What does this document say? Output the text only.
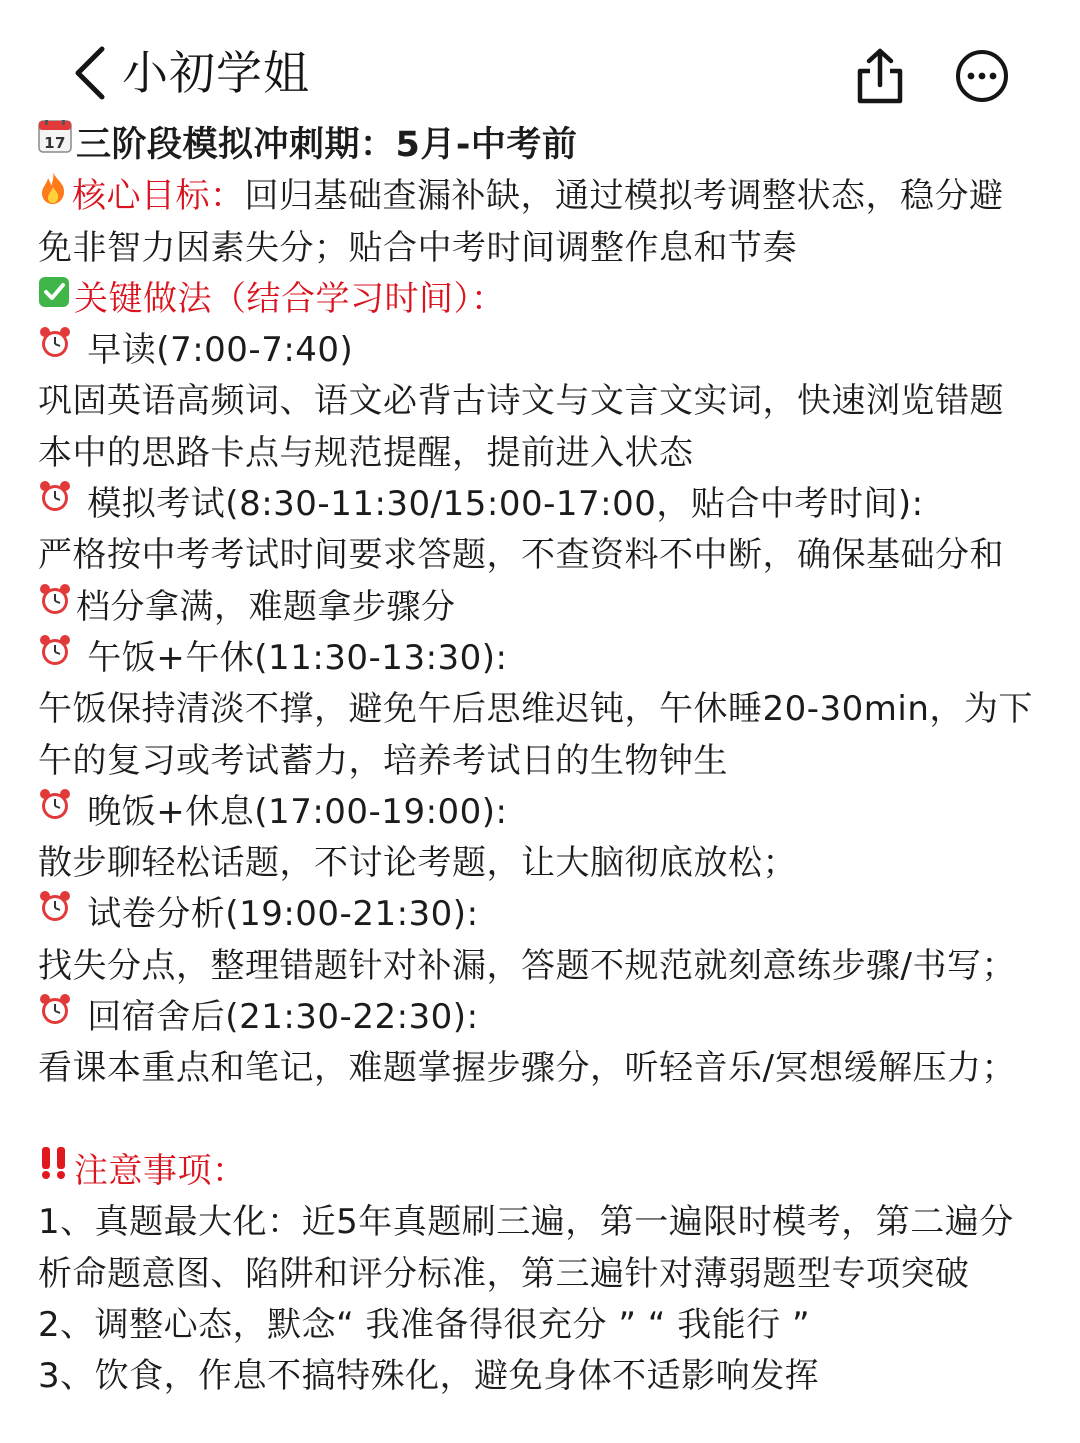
小初学姐
17 三阶段模拟冲刺期：5月-中考前
核心目标：回归基础查漏补缺，通过模拟考调整状态，稳分避
免非智力因素失分；贴合中考时间调整作息和节奏
关键做法（结合学习时间）：
早读(7:00-7:40)
巩固英语高频词、语文必背古诗文与文言文实词，快速浏览错题
本中的思路卡点与规范提醒，提前进入状态
模拟考试(8:30-11:30/15:00-17:00，贴合中考时间):
严格按中考考试时间要求答题，不查资料不中断，确保基础分和
档分拿满，难题拿步骤分
午饭+午休(11:30-13:30):
午饭保持清淡不撑，避免午后思维迟钝，午休睡20-30min，为下
午的复习或考试蓄力，培养考试日的生物钟生
晚饭+休息(17:00-19:00):
散步聊轻松话题，不讨论考题，让大脑彻底放松；
试卷分析(19:00-21:30):
找失分点，整理错题针对补漏，答题不规范就刻意练步骤/书写；
回宿舍后(21:30-22:30):
看课本重点和笔记，难题掌握步骤分，听轻音乐/冥想缓解压力；
注意事项：
1、真题最大化：近5年真题刷三遍，第一遍限时模考，第二遍分
析命题意图、陷阱和评分标准，第三遍针对薄弱题型专项突破
2、调整心态，默念“ 我准备得很充分 ” “ 我能行 ”
3、饮食，作息不搞特殊化，避免身体不适影响发挥
